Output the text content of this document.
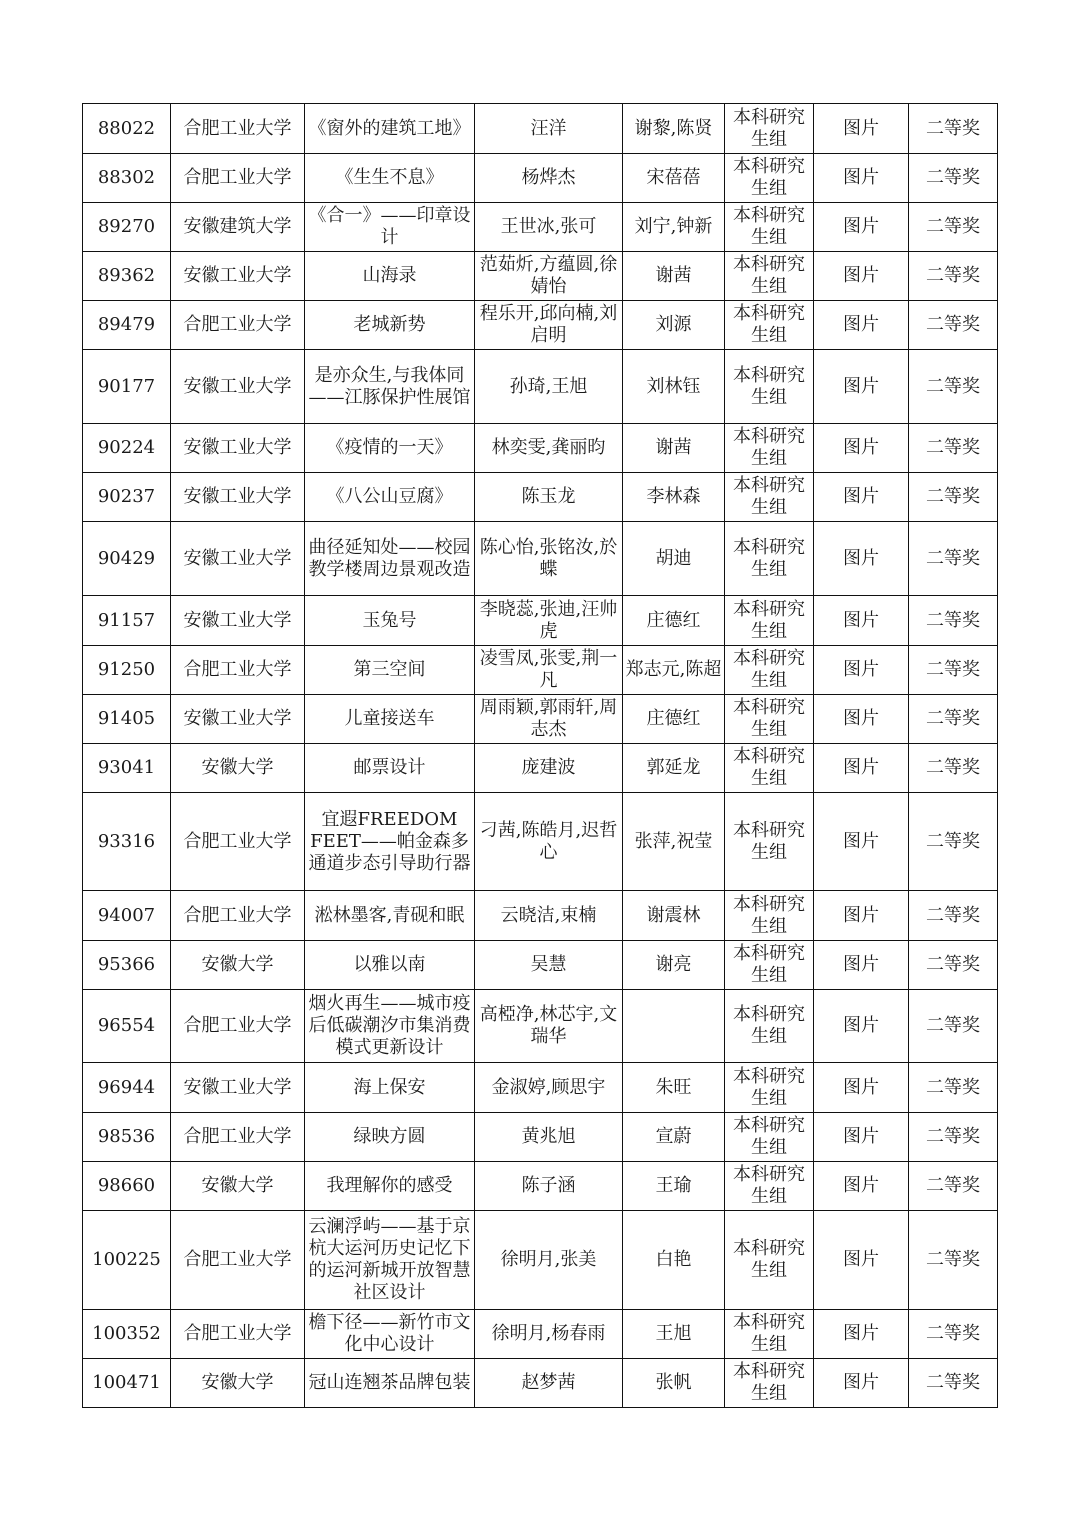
88022	合肥工业大学	《窗外的建筑工地》	汪洋	谢黎,陈贤	本科研究生组	图片	二等奖
88302	合肥工业大学	《生生不息》	杨烨杰	宋蓓蓓	本科研究生组	图片	二等奖
89270	安徽建筑大学	《合一》——印章设计	王世冰,张可	刘宁,钟新	本科研究生组	图片	二等奖
89362	安徽工业大学	山海录	范茹炘,方蕴圆,徐婧怡	谢茜	本科研究生组	图片	二等奖
89479	合肥工业大学	老城新势	程乐开,邱向楠,刘启明	刘源	本科研究生组	图片	二等奖
90177	安徽工业大学	是亦众生,与我体同——江豚保护性展馆	孙琦,王旭	刘林钰	本科研究生组	图片	二等奖
90224	安徽工业大学	《疫情的一天》	林奕雯,龚丽昀	谢茜	本科研究生组	图片	二等奖
90237	安徽工业大学	《八公山豆腐》	陈玉龙	李林森	本科研究生组	图片	二等奖
90429	安徽工业大学	曲径延知处——校园教学楼周边景观改造	陈心怡,张铭汝,於蝶	胡迪	本科研究生组	图片	二等奖
91157	安徽工业大学	玉兔号	李晓蕊,张迪,汪帅虎	庄德红	本科研究生组	图片	二等奖
91250	合肥工业大学	第三空间	凌雪凤,张雯,荆一凡	郑志元,陈超	本科研究生组	图片	二等奖
91405	安徽工业大学	儿童接送车	周雨颖,郭雨轩,周志杰	庄德红	本科研究生组	图片	二等奖
93041	安徽大学	邮票设计	庞建波	郭延龙	本科研究生组	图片	二等奖
93316	合肥工业大学	宜遐FREEDOM FEET——帕金森多通道步态引导助行器	刁茜,陈皓月,迟哲心	张萍,祝莹	本科研究生组	图片	二等奖
94007	合肥工业大学	淞林墨客,青砚和眠	云晓洁,束楠	谢震林	本科研究生组	图片	二等奖
95366	安徽大学	以雅以南	吴慧	谢亮	本科研究生组	图片	二等奖
96554	合肥工业大学	烟火再生——城市疫后低碳潮汐市集消费模式更新设计	高椏净,林芯宇,文瑞华		本科研究生组	图片	二等奖
96944	安徽工业大学	海上保安	金淑婷,顾思宇	朱旺	本科研究生组	图片	二等奖
98536	合肥工业大学	绿映方圆	黄兆旭	宣蔚	本科研究生组	图片	二等奖
98660	安徽大学	我理解你的感受	陈子涵	王瑜	本科研究生组	图片	二等奖
100225	合肥工业大学	云澜浮屿——基于京杭大运河历史记忆下的运河新城开放智慧社区设计	徐明月,张美	白艳	本科研究生组	图片	二等奖
100352	合肥工业大学	檐下径——新竹市文化中心设计	徐明月,杨春雨	王旭	本科研究生组	图片	二等奖
100471	安徽大学	冠山连翘茶品牌包装	赵梦茜	张帆	本科研究生组	图片	二等奖
